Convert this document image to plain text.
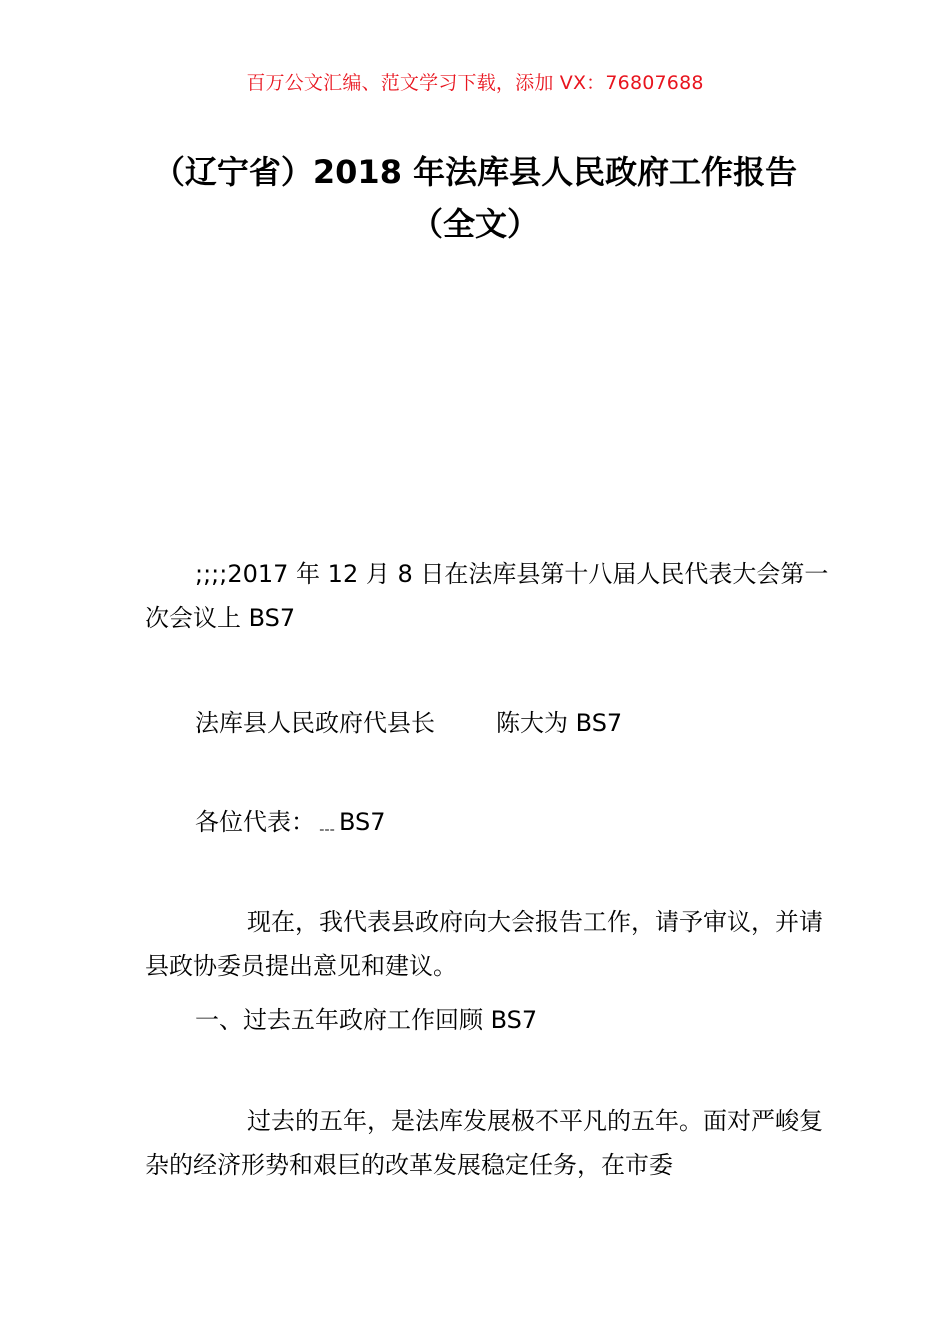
百万公文汇编、范文学习下载，添加 VX：76807688
（辽宁省）2018 年法库县人民政府工作报告（全文）
;;;;2017 年 12 月 8 日在法库县第十八届人民代表大会第一次会议上 BS7
法库县人民政府代县长        陈大为 BS7
各位代表：﹍BS7
现在，我代表县政府向大会报告工作，请予审议，并请县政协委员提出意见和建议。
一、过去五年政府工作回顾 BS7
过去的五年，是法库发展极不平凡的五年。面对严峻复杂的经济形势和艰巨的改革发展稳定任务，在市委
